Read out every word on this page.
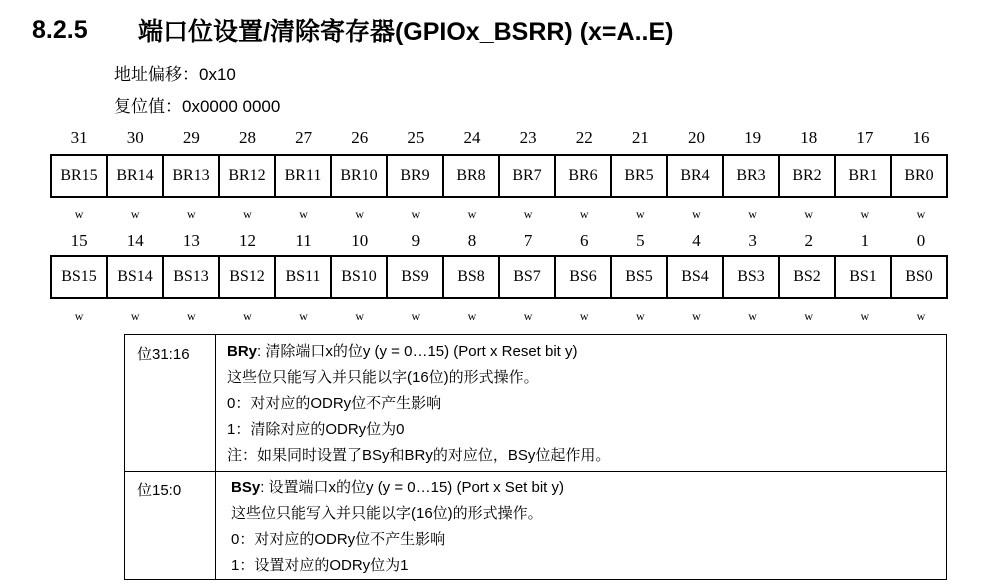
8.2.5	端口位设置/清除寄存器(GPIOx_BSRR) (x=A..E)
地址偏移：0x10
复位值：0x0000 0000
31	30	29	28	27	26	25	24	23	22	21	20	19	18	17	16
BR15	BR14	BR13	BR12	BR11	BR10	BR9	BR8	BR7	BR6	BR5	BR4	BR3	BR2	BR1	BR0
w	w	w	w	w	w	w	w	w	w	w	w	w	w	w	w
15	14	13	12	11	10	9	8	7	6	5	4	3	2	1	0
BS15	BS14	BS13	BS12	BS11	BS10	BS9	BS8	BS7	BS6	BS5	BS4	BS3	BS2	BS1	BS0
w	w	w	w	w	w	w	w	w	w	w	w	w	w	w	w
位31:16 BRy: 清除端口x的位y (y = 0…15) (Port x Reset bit y)
这些位只能写入并只能以字(16位)的形式操作。
0：对对应的ODRy位不产生影响
1：清除对应的ODRy位为0
注：如果同时设置了BSy和BRy的对应位，BSy位起作用。
位15:0	BSy: 设置端口x的位y (y = 0…15) (Port x Set bit y)
这些位只能写入并只能以字(16位)的形式操作。
0：对对应的ODRy位不产生影响
1：设置对应的ODRy位为1
